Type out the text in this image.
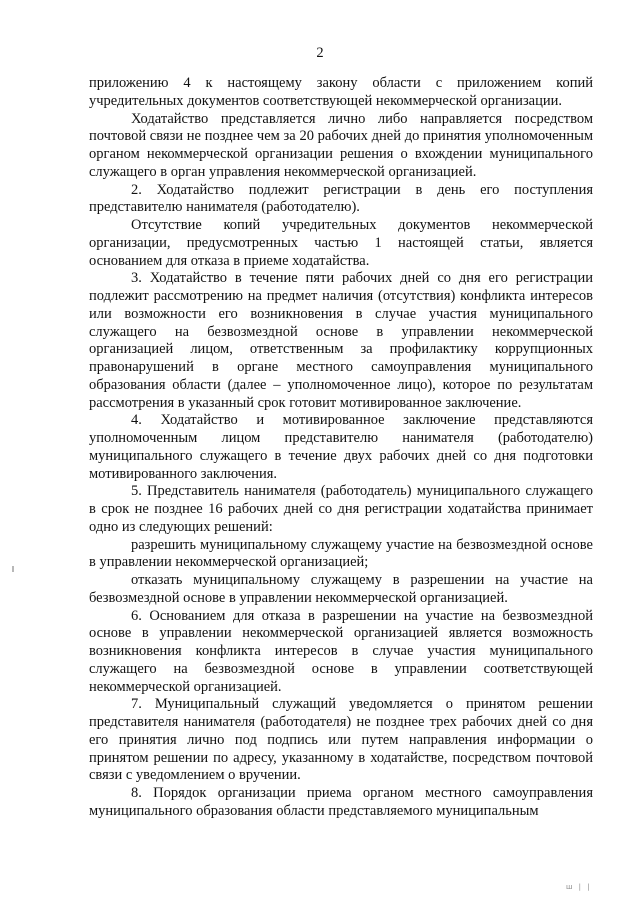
2

приложению 4 к настоящему закону области с приложением копий учредительных документов соответствующей некоммерческой организации.

Ходатайство представляется лично либо направляется посредством почтовой связи не позднее чем за 20 рабочих дней до принятия уполномоченным органом некоммерческой организации решения о вхождении муниципального служащего в орган управления некоммерческой организацией.

2. Ходатайство подлежит регистрации в день его поступления представителю нанимателя (работодателю).

Отсутствие копий учредительных документов некоммерческой организации, предусмотренных частью 1 настоящей статьи, является основанием для отказа в приеме ходатайства.

3. Ходатайство в течение пяти рабочих дней со дня его регистрации подлежит рассмотрению на предмет наличия (отсутствия) конфликта интересов или возможности его возникновения в случае участия муниципального служащего на безвозмездной основе в управлении некоммерческой организацией лицом, ответственным за профилактику коррупционных правонарушений в органе местного самоуправления муниципального образования области (далее – уполномоченное лицо), которое по результатам рассмотрения в указанный срок готовит мотивированное заключение.

4. Ходатайство и мотивированное заключение представляются уполномоченным лицом представителю нанимателя (работодателю) муниципального служащего в течение двух рабочих дней со дня подготовки мотивированного заключения.

5. Представитель нанимателя (работодатель) муниципального служащего в срок не позднее 16 рабочих дней со дня регистрации ходатайства принимает одно из следующих решений:

разрешить муниципальному служащему участие на безвозмездной основе в управлении некоммерческой организацией;

отказать муниципальному служащему в разрешении на участие на безвозмездной основе в управлении некоммерческой организацией.

6. Основанием для отказа в разрешении на участие на безвозмездной основе в управлении некоммерческой организацией является возможность возникновения конфликта интересов в случае участия муниципального служащего на безвозмездной основе в управлении соответствующей некоммерческой организацией.

7. Муниципальный служащий уведомляется о принятом решении представителя нанимателя (работодателя) не позднее трех рабочих дней со дня его принятия лично под подпись или путем направления информации о принятом решении по адресу, указанному в ходатайстве, посредством почтовой связи с уведомлением о вручении.

8. Порядок организации приема органом местного самоуправления муниципального образования области представляемого муниципальным

ш | |
